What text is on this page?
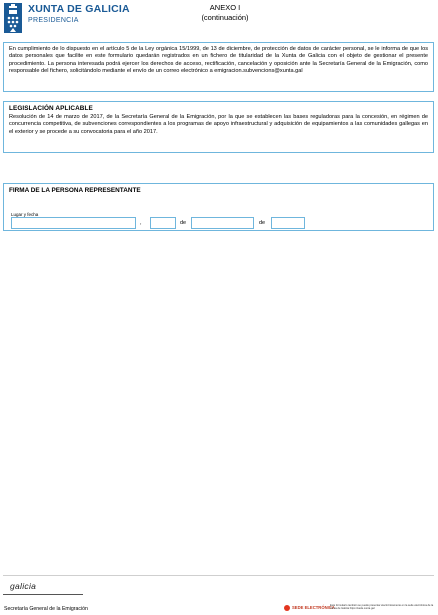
XUNTA DE GALICIA
PRESIDENCIA
ANEXO I
(continuación)

En cumplimiento de lo dispuesto en el artículo 5 de la Ley orgánica 15/1999, de 13 de diciembre, de protección de datos de carácter personal, se le informa de que los datos personales que facilite en este formulario quedarán registrados en un fichero de titularidad de la Xunta de Galicia con el objeto de gestionar el presente procedimiento. La persona interesada podrá ejercer los derechos de acceso, rectificación, cancelación y oposición ante la Secretaría General de la Emigración, como responsable del fichero, solicitándolo mediante el envío de un correo electrónico a emigracion.subvencions@xunta.gal

LEGISLACIÓN APLICABLE

Resolución de 14 de marzo de 2017, de la Secretaría General de la Emigración, por la que se establecen las bases reguladoras para la concesión, en régimen de concurrencia competitiva, de subvenciones correspondientes a los programas de apoyo infraestructural y adquisición de equipamientos a las comunidades gallegas en el exterior y se procede a su convocatoria para el año 2017.

FIRMA DE LA PERSONA REPRESENTANTE
Lugar y fecha
,	de	de
galicia
Secretaría General de la Emigración	SEDE ELECTRÓNICA
Este formulario también se puede presentar electrónicamente en la sede electrónica de la Xunta de Galicia https://sede.xunta.gal
